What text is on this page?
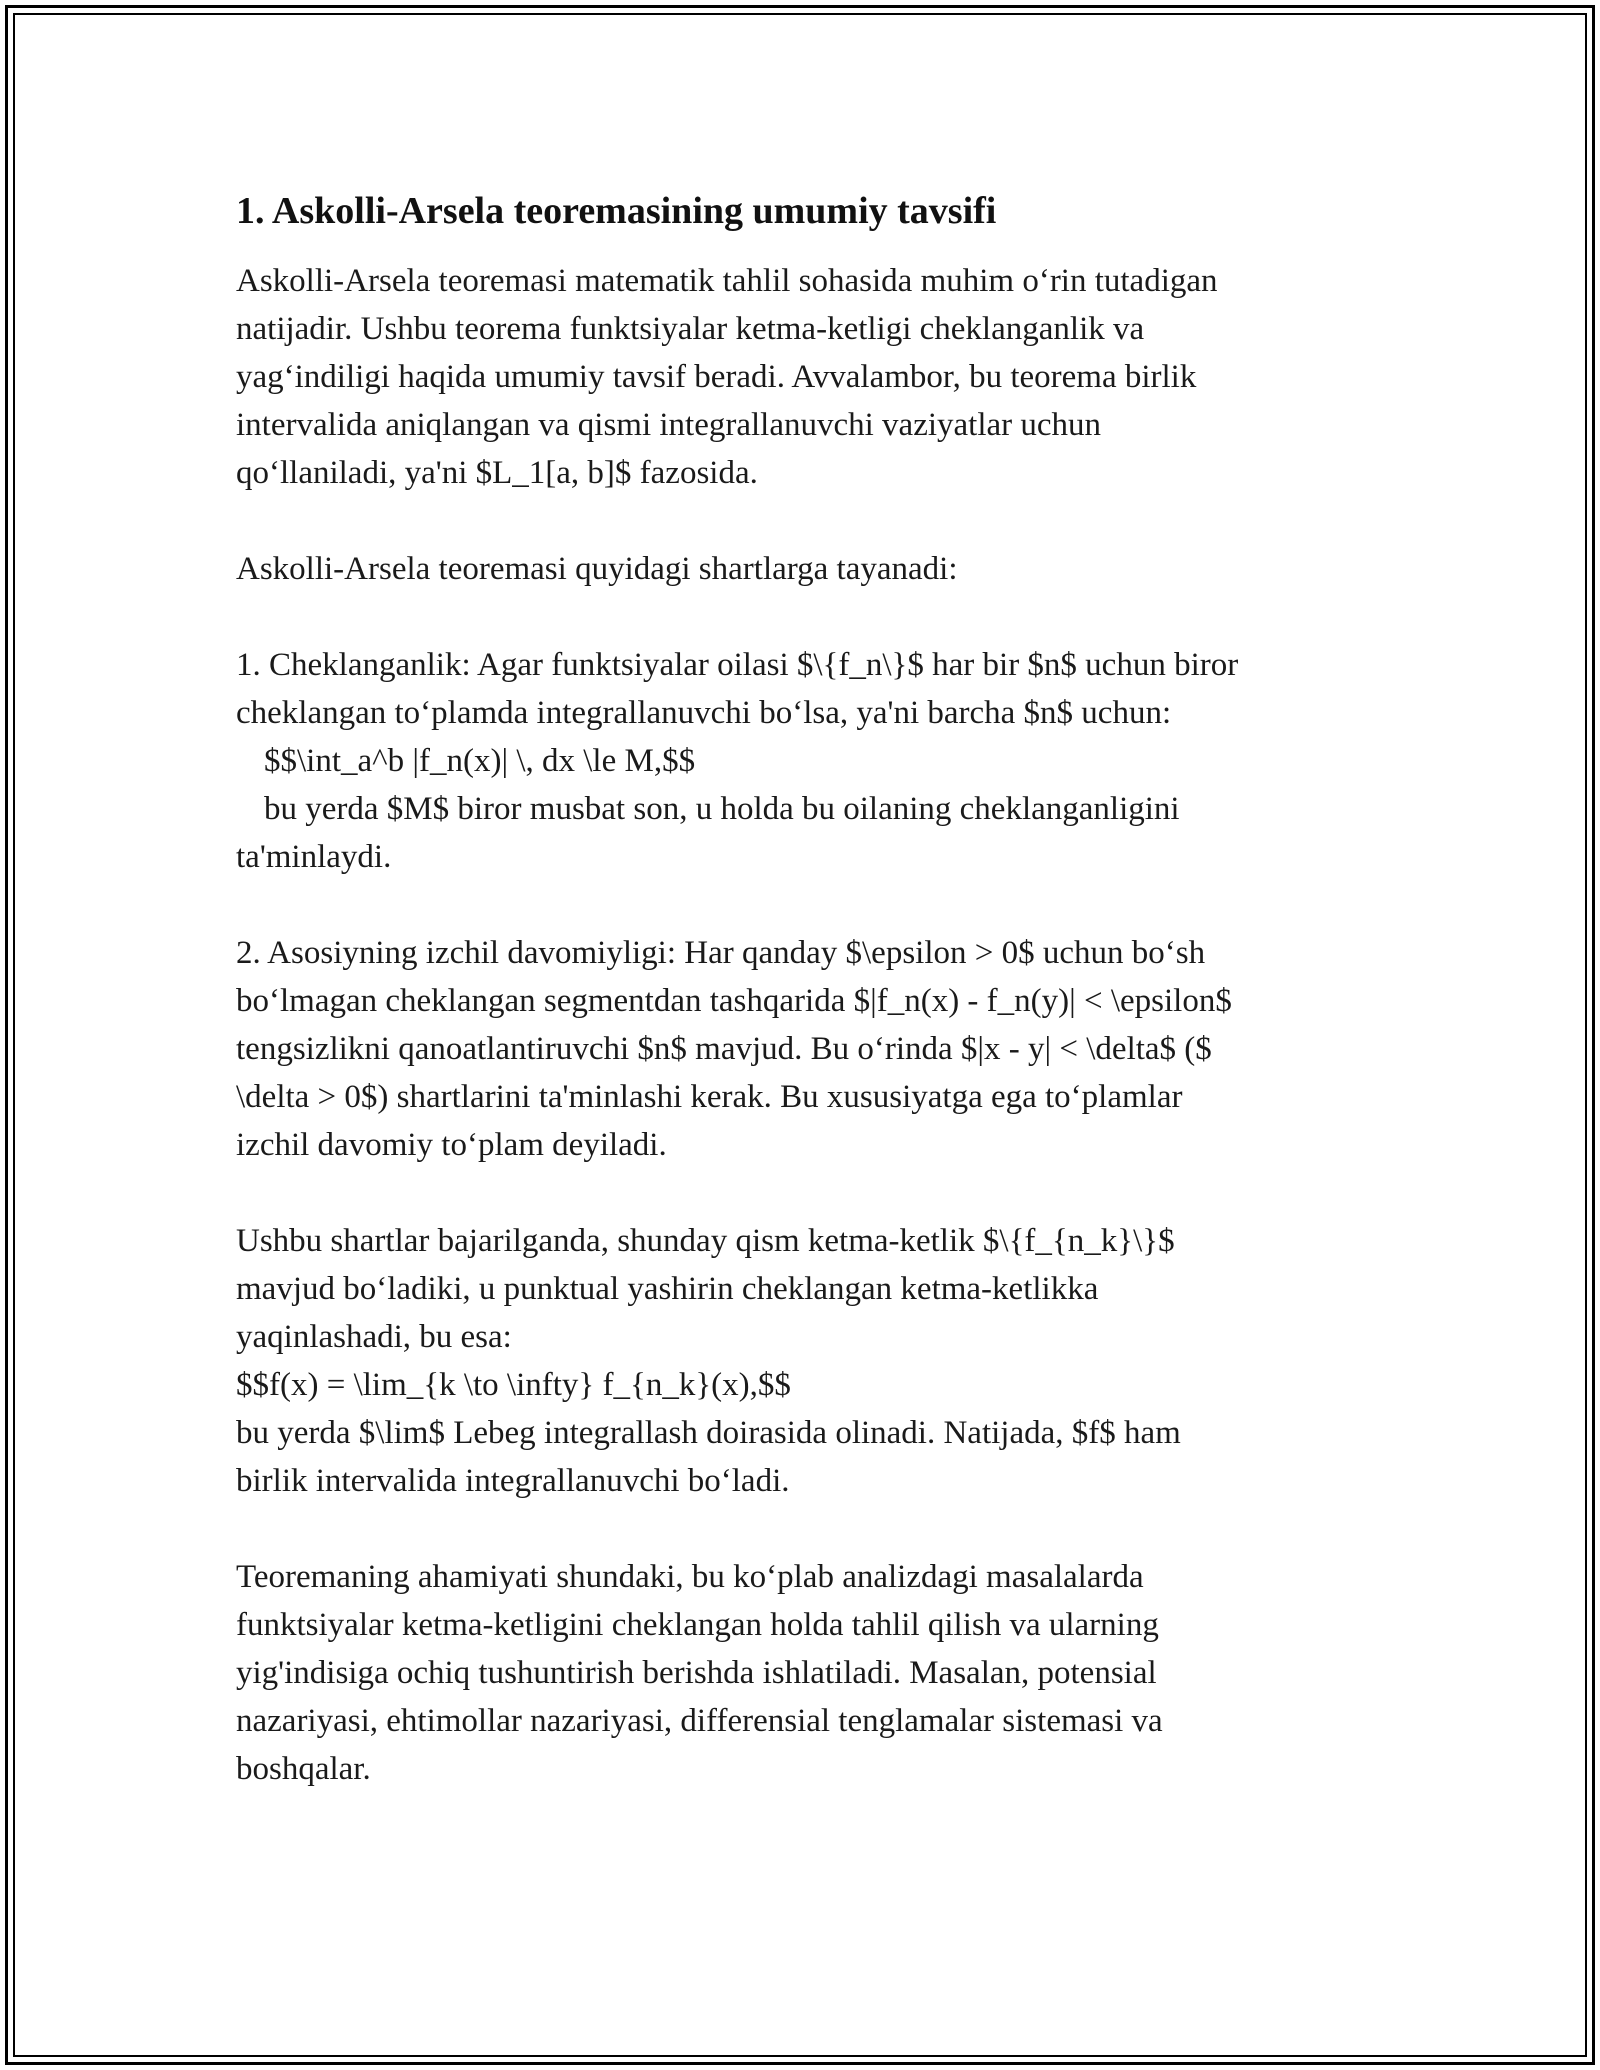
1. Askolli-Arsela teoremasining umumiy tavsifi

Askolli-Arsela teoremasi matematik tahlil sohasida muhim o‘rin tutadigan
natijadir. Ushbu teorema funktsiyalar ketma-ketligi cheklanganlik va
yag‘indiligi haqida umumiy tavsif beradi. Avvalambor, bu teorema birlik
intervalida aniqlangan va qismi integrallanuvchi vaziyatlar uchun
qo‘llaniladi, ya'ni $L_1[a, b]$ fazosida.

Askolli-Arsela teoremasi quyidagi shartlarga tayanadi:

1. Cheklanganlik: Agar funktsiyalar oilasi $\{f_n\}$ har bir $n$ uchun biror
cheklangan to‘plamda integrallanuvchi bo‘lsa, ya'ni barcha $n$ uchun:
$$\int_a^b |f_n(x)| \, dx \le M,$$
bu yerda $M$ biror musbat son, u holda bu oilaning cheklanganligini
ta'minlaydi.

2. Asosiyning izchil davomiyligi: Har qanday $\epsilon > 0$ uchun bo‘sh
bo‘lmagan cheklangan segmentdan tashqarida $|f_n(x) - f_n(y)| < \epsilon$
tengsizlikni qanoatlantiruvchi $n$ mavjud. Bu o‘rinda $|x - y| < \delta$ ($
\delta > 0$) shartlarini ta'minlashi kerak. Bu xususiyatga ega to‘plamlar
izchil davomiy to‘plam deyiladi.

Ushbu shartlar bajarilganda, shunday qism ketma-ketlik $\{f_{n_k}\}$
mavjud bo‘ladiki, u punktual yashirin cheklangan ketma-ketlikka
yaqinlashadi, bu esa:
$$f(x) = \lim_{k \to \infty} f_{n_k}(x),$$
bu yerda $\lim$ Lebeg integrallash doirasida olinadi. Natijada, $f$ ham
birlik intervalida integrallanuvchi bo‘ladi.

Teoremaning ahamiyati shundaki, bu ko‘plab analizdagi masalalarda
funktsiyalar ketma-ketligini cheklangan holda tahlil qilish va ularning
yig'indisiga ochiq tushuntirish berishda ishlatiladi. Masalan, potensial
nazariyasi, ehtimollar nazariyasi, differensial tenglamalar sistemasi va
boshqalar.
